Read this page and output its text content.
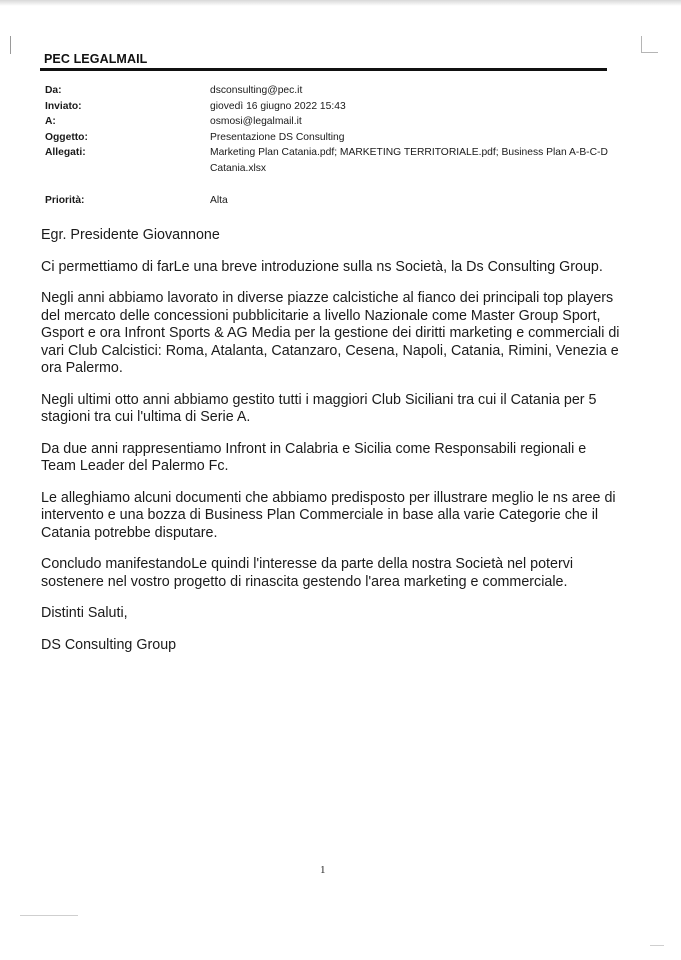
PEC LEGALMAIL
Da:	dsconsulting@pec.it
Inviato:	giovedì 16 giugno 2022 15:43
A:	osmosi@legalmail.it
Oggetto:	Presentazione DS Consulting
Allegati:	Marketing Plan Catania.pdf; MARKETING TERRITORIALE.pdf; Business Plan A-B-C-D
Catania.xlsx
Priorità:	Alta

Egr. Presidente Giovannone

Ci permettiamo di farLe una breve introduzione sulla ns Società, la Ds Consulting Group.

Negli anni abbiamo lavorato in diverse piazze calcistiche al fianco dei principali top players del mercato delle concessioni pubblicitarie a livello Nazionale come Master Group Sport, Gsport e ora Infront Sports & AG Media per la gestione dei diritti marketing e commerciali di vari Club Calcistici: Roma, Atalanta, Catanzaro, Cesena, Napoli, Catania, Rimini, Venezia e ora Palermo.

Negli ultimi otto anni abbiamo gestito tutti i maggiori Club Siciliani tra cui il Catania per 5 stagioni tra cui l'ultima di Serie A.

Da due anni rappresentiamo Infront in Calabria e Sicilia come Responsabili regionali e Team Leader del Palermo Fc.

Le alleghiamo alcuni documenti che abbiamo predisposto per illustrare meglio le ns aree di intervento e una bozza di Business Plan Commerciale in base alla varie Categorie che il Catania potrebbe disputare.

Concludo manifestandoLe quindi l'interesse da parte della nostra Società nel potervi sostenere nel vostro progetto di rinascita gestendo l'area marketing e commerciale.

Distinti Saluti,

DS Consulting Group

1
